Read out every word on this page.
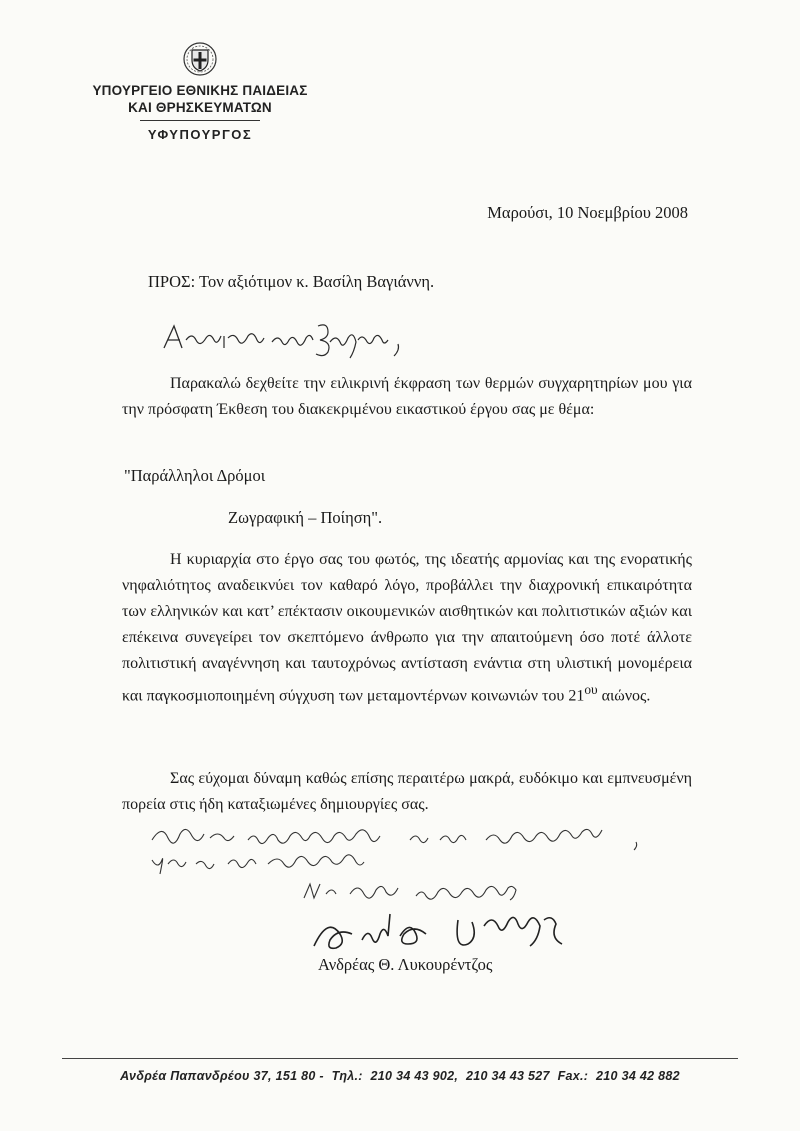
ΥΠΟΥΡΓΕΙΟ ΕΘΝΙΚΗΣ ΠΑΙΔΕΙΑΣ
ΚΑΙ ΘΡΗΣΚΕΥΜΑΤΩΝ
ΥΦΥΠΟΥΡΓΟΣ
Μαρούσι, 10 Νοεμβρίου 2008
ΠΡΟΣ: Τον αξιότιμον κ. Βασίλη Βαγιάννη.

Παρακαλώ δεχθείτε την ειλικρινή έκφραση των θερμών συγχαρητηρίων μου για την πρόσφατη Έκθεση του διακεκριμένου εικαστικού έργου σας με θέμα:

"Παράλληλοι Δρόμοι
Ζωγραφική – Ποίηση".

Η κυριαρχία στο έργο σας του φωτός, της ιδεατής αρμονίας και της ενορατικής νηφαλιότητος αναδεικνύει τον καθαρό λόγο, προβάλλει την διαχρονική επικαιρότητα των ελληνικών και κατ’ επέκτασιν οικουμενικών αισθητικών και πολιτιστικών αξιών και επέκεινα συνεγείρει τον σκεπτόμενο άνθρωπο για την απαιτούμενη όσο ποτέ άλλοτε πολιτιστική αναγέννηση και ταυτοχρόνως αντίσταση ενάντια στη υλιστική μονομέρεια και παγκοσμιοποιημένη σύγχυση των μεταμοντέρνων κοινωνιών του $21^{o\upsilon}$ αιώνος.

Σας εύχομαι δύναμη καθώς επίσης περαιτέρω μακρά, ευδόκιμο και εμπνευσμένη πορεία στις ήδη καταξιωμένες δημιουργίες σας.

Ανδρέας Θ. Λυκουρέντζος
Ανδρέα Παπανδρέου 37, 151 80 - Τηλ.: 210 34 43 902, 210 34 43 527 Fax.: 210 34 42 882
